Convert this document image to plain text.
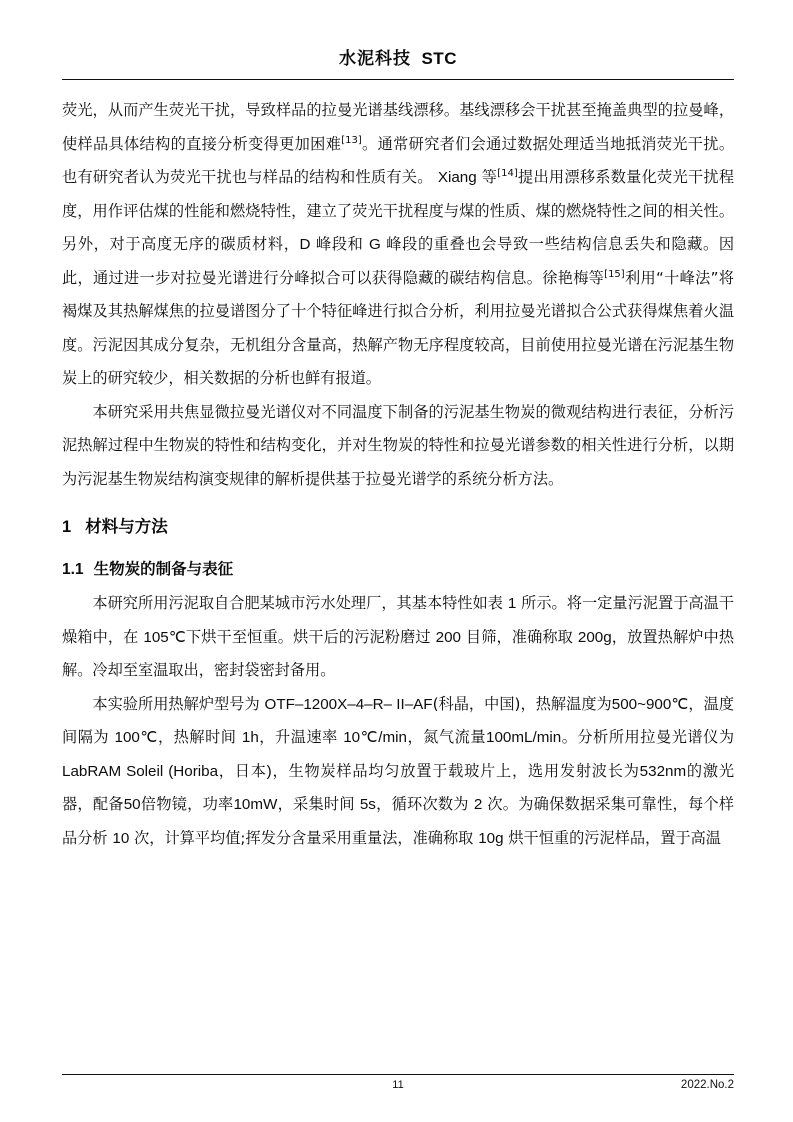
水泥科技 STC

荧光，从而产生荧光干扰，导致样品的拉曼光谱基线漂移。基线漂移会干扰甚至掩盖典型的拉曼峰，使样品具体结构的直接分析变得更加困难[13]。通常研究者们会通过数据处理适当地抵消荧光干扰。也有研究者认为荧光干扰也与样品的结构和性质有关。 Xiang 等[14]提出用漂移系数量化荧光干扰程度，用作评估煤的性能和燃烧特性，建立了荧光干扰程度与煤的性质、煤的燃烧特性之间的相关性。另外，对于高度无序的碳质材料，D 峰段和 G 峰段的重叠也会导致一些结构信息丢失和隐藏。因此，通过进一步对拉曼光谱进行分峰拟合可以获得隐藏的碳结构信息。徐艳梅等[15]利用“十峰法”将褐煤及其热解煤焦的拉曼谱图分了十个特征峰进行拟合分析，利用拉曼光谱拟合公式获得煤焦着火温度。污泥因其成分复杂，无机组分含量高，热解产物无序程度较高，目前使用拉曼光谱在污泥基生物炭上的研究较少，相关数据的分析也鲜有报道。

本研究采用共焦显微拉曼光谱仪对不同温度下制备的污泥基生物炭的微观结构进行表征，分析污泥热解过程中生物炭的特性和结构变化，并对生物炭的特性和拉曼光谱参数的相关性进行分析，以期为污泥基生物炭结构演变规律的解析提供基于拉曼光谱学的系统分析方法。

1 材料与方法
1.1 生物炭的制备与表征

本研究所用污泥取自合肥某城市污水处理厂，其基本特性如表 1 所示。将一定量污泥置于高温干燥箱中，在 105℃下烘干至恒重。烘干后的污泥粉磨过 200 目筛，准确称取 200g，放置热解炉中热解。冷却至室温取出，密封袋密封备用。

本实验所用热解炉型号为 OTF–1200X–4–R– II–AF(科晶，中国)，热解温度为500~900℃，温度间隔为 100℃，热解时间 1h，升温速率 10℃/min，氮气流量100mL/min。分析所用拉曼光谱仪为 LabRAM Soleil (Horiba，日本)，生物炭样品均匀放置于载玻片上，选用发射波长为532nm的激光器，配备50倍物镜，功率10mW，采集时间 5s，循环次数为 2 次。为确保数据采集可靠性，每个样品分析 10 次，计算平均值;挥发分含量采用重量法，准确称取 10g 烘干恒重的污泥样品，置于高温

11	2022.No.2
